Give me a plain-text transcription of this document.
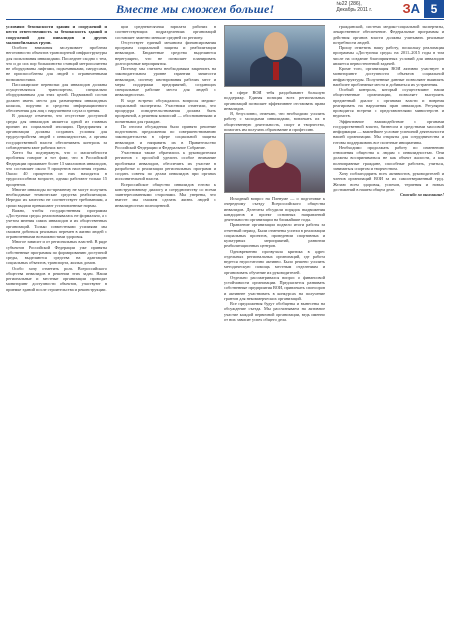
Вместе мы сможем больше!	№22 (286),
Декабрь 2011 г. ЗА 5

условиям безопасности здания и сооружений и нести ответственность за безопасность зданий и сооружений для инвалидов и других маломобильных групп.

Особого внимания заслуживает проблема неготовности объектов транспортной инфраструктуры для пользования инвалидами. Последнее сходно с тем, что и до сих пор большинство станций метрополитена не оборудованы лифтами, подъемниками, пандусами, не приспособлены для людей с ограниченными возможностями.

Пассажирские перевозки для инвалидов должны осуществляться транспортом, специально оборудованным для этих целей. Подвижной состав должен иметь места для размещения инвалидных колясок, поручни и средства информационного обеспечения для лиц с нарушением слуха и зрения.

В докладе отмечено, что отсутствие доступной среды для инвалидов является одной из главных причин их социальной изоляции. Предприятия и организации должны создавать условия для трудоустройства людей с инвалидностью, а органы государственной власти обеспечивать контроль за соблюдением квот рабочих мест.

Хотел бы подчеркнуть, что о масштабности проблемы говорит и тот факт, что в Российской Федерации проживает более 13 миллионов инвалидов, что составляет около 9 процентов населения страны. Около 40 процентов из них находятся в трудоспособном возрасте, однако работают только 15 процентов.

Многие инвалиды по-прежнему не могут получить необходимые технические средства реабилитации. Нередко их качество не соответствует требованиям, а сроки выдачи превышают установленные нормы.

Важно, чтобы государственная программа «Доступная среда» реализовывалась не формально, а с учетом мнения самих инвалидов и их общественных организаций. Только совместными усилиями мы сможем добиться реальных перемен в жизни людей с ограниченными возможностями здоровья.

Многое зависит и от региональных властей. В ряде субъектов Российской Федерации уже приняты собственные программы по формированию доступной среды, выделяются средства на адаптацию социальных объектов, транспорта, жилых домов.

Особо хочу отметить роль Всероссийского общества инвалидов в решении этих задач. Наши региональные и местные организации проводят мониторинг доступности объектов, участвуют в приемке зданий после строительства и реконструкции.

ции среднемесячная зарплата рабочих в соответствующих подразделениях организаций составляет заметно меньше средней по региону.

Отсутствует единый механизм финансирования программ социальной защиты и реабилитации инвалидов. Бюджетные средства выделяются нерегулярно, что не позволяет планировать долгосрочные мероприятия.

Поэтому мы считаем необходимым закрепить на законодательном уровне гарантии занятости инвалидов, систему квотирования рабочих мест и меры поддержки предприятий, создающих специальные рабочие места для людей с инвалидностью.

В ходе встречи обсуждались вопросы медико-социальной экспертизы. Участники отметили, что процедура освидетельствования должна быть прозрачной, а решения комиссий — обоснованными и понятными для граждан.

По итогам обсуждения было принято решение подготовить предложения по совершенствованию законодательства в сфере социальной защиты инвалидов и направить их в Правительство Российской Федерации и Федеральное Собрание.

Участники также обратились к руководителям регионов с просьбой уделить особое внимание проблемам инвалидов, обеспечить их участие в разработке и реализации региональных программ и создать советы по делам инвалидов при органах исполнительной власти.

Всероссийское общество инвалидов готово к конструктивному диалогу и сотрудничеству со всеми заинтересованными сторонами. Мы уверены, что вместе мы сможем сделать жизнь людей с инвалидностью полноценной.

в сфере ВОИ тебя раздобывают большую поддержку. Единая позиция всех региональных организаций позволяет эффективнее отстаивать права инвалидов.

Я, безусловно, отмечаю, что необходимо усилить работу с молодыми инвалидами, вовлекать их в общественную деятельность, спорт и творчество, помогать им получать образование и профессию.

Исходный вопрос на Пленуме — о подготовке к очередному съезду Всероссийского общества инвалидов. Делегаты обсудили порядок выдвижения кандидатов и проект основных направлений деятельности организации на ближайшие годы.

Правление организации подвело итоги работы за отчетный период. Были отмечены успехи в реализации социальных проектов, проведении спортивных и культурных мероприятий, развитии реабилитационных центров.

Одновременно прозвучала критика в адрес отдельных региональных организаций, где работа ведется недостаточно активно. Было решено усилить методическую помощь местным отделениям и организовать обучение их руководителей.

Отдельно рассматривался вопрос о финансовой устойчивости организации. Предлагается развивать собственные предприятия ВОИ, привлекать спонсоров и активнее участвовать в конкурсах на получение грантов для некоммерческих организаций.

Все предложения будут обобщены и вынесены на обсуждение съезда. Мы рассчитываем на активное участие каждой первичной организации, ведь именно от них зависит успех общего дела.

гражданской, система медико-социальной экспертизы, лекарственное обеспечение. Федеральные программы и действия органов власти должны учитывать реальные потребности людей.

Прошу отметить вашу работу, поскольку реализация программы «Доступная среда» на 2011–2015 годы в том числе на создание благоприятных условий для инвалидов является первостепенной задачей.

Кроме того, организация ВОИ активно участвует в мониторинге доступности объектов социальной инфраструктуры. Полученные данные позволяют выявлять наиболее проблемные места и добиваться их устранения.

Особый контроль, который осуществляют наши общественные организации, позволяет выстроить предметный диалог с органами власти и вовремя реагировать на нарушения прав инвалидов. Регулярно проводятся встречи с представителями министерств и ведомств.

Эффективное взаимодействие с органами государственной власти, бизнесом и средствами массовой информации — важнейшее условие успешной деятельности нашей организации. Мы открыты для сотрудничества и готовы поддерживать все полезные инициативы.

Необходимо продолжать работу по изменению отношения общества к людям с инвалидностью. Они должны восприниматься не как объект жалости, а как полноправные граждане, способные работать, учиться, заниматься спортом и творчеством.

Хочу поблагодарить всех активистов, руководителей и членов организаций ВОИ за их самоотверженный труд. Желаю всем здоровья, успехов, терпения и новых достижений в нашем общем деле.

Спасибо за внимание!
